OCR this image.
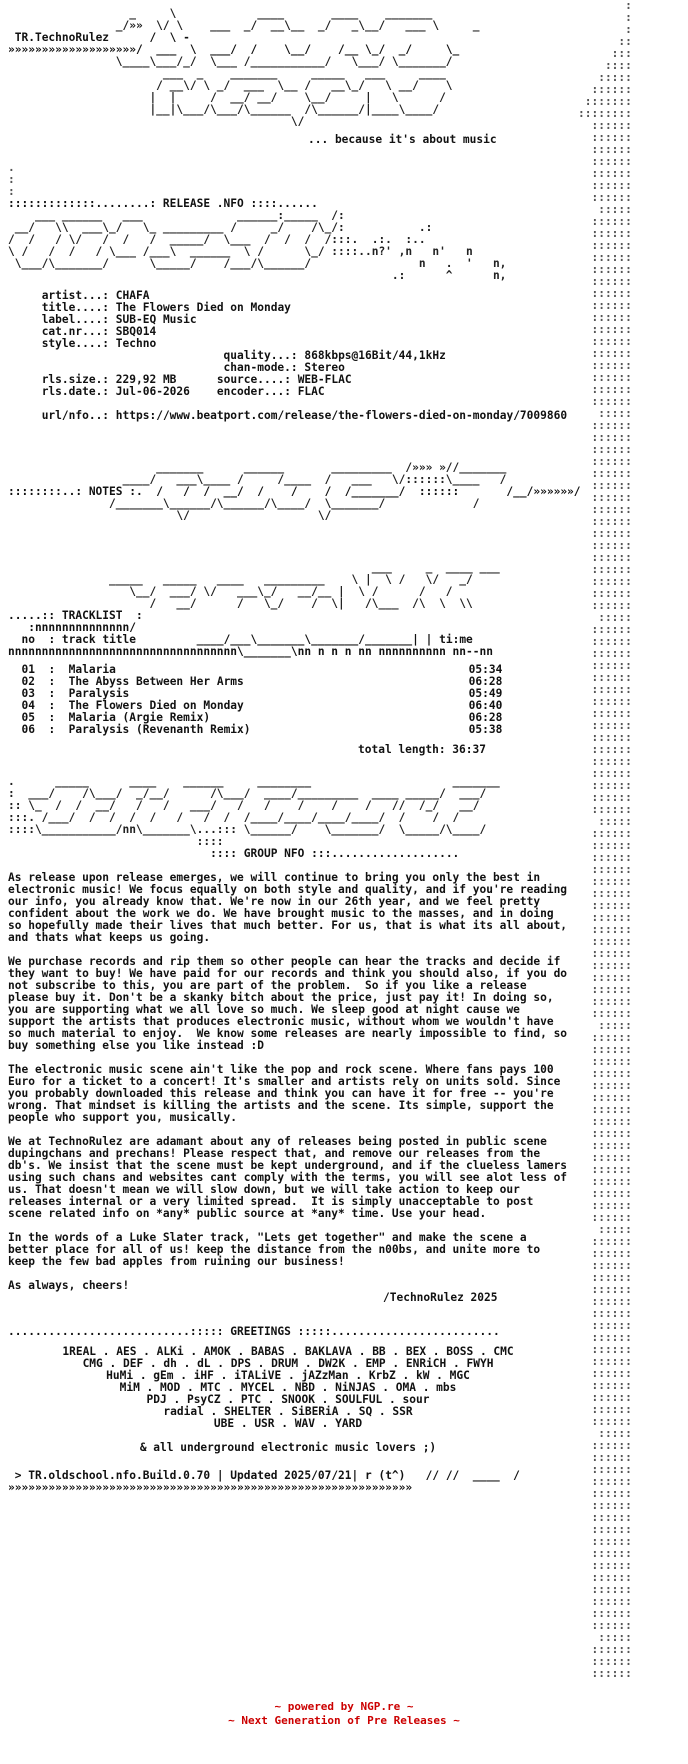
:
:
:
::
:::
::::
:::::
::::::
:::::::
::::::::
::::::
::::::
::::::
::::::
::::::
::::::
::::::
:::::
::::::
::::::
::::::
::::::
::::::
::::::
::::::
::::::
::::::
::::::
::::::
::::::
::::::
::::::
::::::
::::::
:::::
::::::
::::::
::::::
::::::
::::::
::::::
::::::
::::::
::::::
::::::
::::::
::::::
::::::
::::::
::::::
::::::
:::::
::::::
::::::
::::::
::::::
::::::
::::::
::::::
::::::
::::::
::::::
::::::
::::::
::::::
::::::
::::::
::::::
:::::
::::::
::::::
::::::
::::::
::::::
::::::
::::::
::::::
::::::
::::::
::::::
::::::
::::::
::::::
::::::
::::::
:::::
::::::
::::::
::::::
::::::
::::::
::::::
::::::
::::::
::::::
::::::
::::::
::::::
::::::
::::::
::::::
::::::
:::::
::::::
::::::
::::::
::::::
::::::
::::::
::::::
::::::
::::::
::::::
::::::
::::::
::::::
::::::
::::::
::::::
:::::
::::::
::::::
::::::
::::::
::::::
::::::
::::::
::::::
::::::
::::::
::::::
::::::
::::::
::::::
::::::
::::::
:::::
::::::
::::::
::::::

_     \            ____       ____    _______
_/»»  \/ \    ___  _/  __\__  _/   _\__/   ___ \     _

TR.TechnoRulez      /  \ -
»»»»»»»»»»»»»»»»»»»/  ___  \  ___/  /    \__/    /__ \_/  _/     \_
\____\___/_/  \___ /___________/   \___/ \_______/
___  _    _______     _____   ___     ____
/ __\/ \ _/  ___  \__ /   __\_/   \ __/    \
|  |     /  __/ __/    \__/     |   \      /
|__|\___/\___/\______  /\______/|____\____/
\/
... because it's about music
.
:
:
:::::::::::::........: RELEASE .NFO ::::......
___ ______   ___              ______:_____  /:
__/   \\  ___\_/   \_ _________ /     _/    /\_/:           .:
/  /   / \/   /  /   /  _____/  \___  /  /  /  /:::.  .:.  :..
\ /   /  /   / \___ /___\  ______  \ /      \_/ ::::..n?' ,n   n'   n
\___/\_______/      \_____/    /___/\______/                n   .  '   n,
.:      ^      n,
artist...: CHAFA
title....: The Flowers Died on Monday
label....: SUB-EQ Music
cat.nr...: SBQ014
style....: Techno
quality...: 868kbps@16Bit/44,1kHz
chan-mode.: Stereo
rls.size.: 229,92 MB	source....: WEB-FLAC
rls.date.: Jul-06-2026 encoder...: FLAC
url/nfo..: https://www.beatport.com/release/the-flowers-died-on-monday/7009860
_______      ______       _________  /»»» »//_______
____/   ___\____ /     /____  /   ___   \/::::::\____   /
::::::::..: NOTES :.  /   /  /  __/  /    /    /  /_______/  ::::::       /__/»»»»»»/
/_______\______/\______/\____/  \_______/             /
\/                   \/
___     _  ____ ___
_____   _____   ____   _________    \ |  \ /   \/   _/
\__/  ___/ \/   ___\_/   __/__ |  \ /      /   /
/   __/      /   \_/    /  \|   /\___  /\  \  \\
.....:: TRACKLIST  :
:nnnnnnnnnnnnnn/
no : track title         ____/___\_______\_______/_______| | ti:me
nnnnnnnnnnnnnnnnnnnnnnnnnnnnnnnnnn\_______\nn n n n nn nnnnnnnnnn nn--nn
01  :  Malaria	05:34
02  :  The Abyss Between Her Arms	06:28
03  :  Paralysis	05:49
04  :  The Flowers Died on Monday	06:40
05  :  Malaria (Argie Remix)	06:28
06  :  Paralysis (Revenanth Remix)	05:38
total length: 36:37
.      _____      ____    ______     ________                     _______
:  ___/    /\___/  _/__/      /\___/  ____/_________  ____ _____/  ___/
:: \_  /  /  __/   /   /   ___/   /   /    /    /    /   //  /_/   __/
:::. /___/  /  /  /  /   /   /  /  /____/____/____/____/  /    /  /
::::\___________/nn\_______\...::: \______/    \_______/  \_____/\____/
::::
:::: GROUP NFO :::...................
As release upon release emerges, we will continue to bring you only the best in electronic music! We focus equally on both style and quality, and if you're reading our info, you already know that. We're now in our 26th year, and we feel pretty confident about the work we do. We have brought music to the masses, and in doing so hopefully made their lives that much better. For us, that is what its all about, and thats what keeps us going.
We purchase records and rip them so other people can hear the tracks and decide if they want to buy! We have paid for our records and think you should also, if you do not subscribe to this, you are part of the problem.  So if you like a release please buy it. Don't be a skanky bitch about the price, just pay it! In doing so, you are supporting what we all love so much. We sleep good at night cause we support the artists that produces electronic music, without whom we wouldn't have so much material to enjoy.  We know some releases are nearly impossible to find, so buy something else you like instead :D
The electronic music scene ain't like the pop and rock scene. Where fans pays 100 Euro for a ticket to a concert! It's smaller and artists rely on units sold. Since you probably downloaded this release and think you can have it for free -- you're wrong. That mindset is killing the artists and the scene. Its simple, support the people who support you, musically.
We at TechnoRulez are adamant about any of releases being posted in public scene dupingchans and prechans! Please respect that, and remove our releases from the db's. We insist that the scene must be kept underground, and if the clueless lamers using such chans and websites cant comply with the terms, you will see alot less of us. That doesn't mean we will slow down, but we will take action to keep our releases internal or a very limited spread.  It is simply unacceptable to post scene related info on *any* public source at *any* time. Use your head.
In the words of a Luke Slater track, "Lets get together" and make the scene a better place for all of us! keep the distance from the n00bs, and unite more to keep the few bad apples from ruining our business!
As always, cheers!
/TechnoRulez 2025
...........................::::: GREETINGS :::::.........................
1REAL . AES . ALKi . AMOK . BABAS . BAKLAVA . BB . BEX . BOSS . CMC
CMG . DEF . dh . dL . DPS . DRUM . DW2K . EMP . ENRiCH . FWYH
HuMi . gEm . iHF . iTALiVE . jAZzMan . KrbZ . kW . MGC
MiM . MOD . MTC . MYCEL . NBD . NiNJAS . OMA . mbs
PDJ . PsyCZ . PTC . SNOOK . SOULFUL . sour
radial . SHELTER . SiBERiA . SQ . SSR
UBE . USR . WAV . YARD
& all underground electronic music lovers ;)
> TR.oldschool.nfo.Build.0.70 | Updated 2025/07/21| r (t^)   // //  ____  /
»»»»»»»»»»»»»»»»»»»»»»»»»»»»»»»»»»»»»»»»»»»»»»»»»»»»»»»»»»»»
~ powered by NGP.re ~
~ Next Generation of Pre Releases ~
